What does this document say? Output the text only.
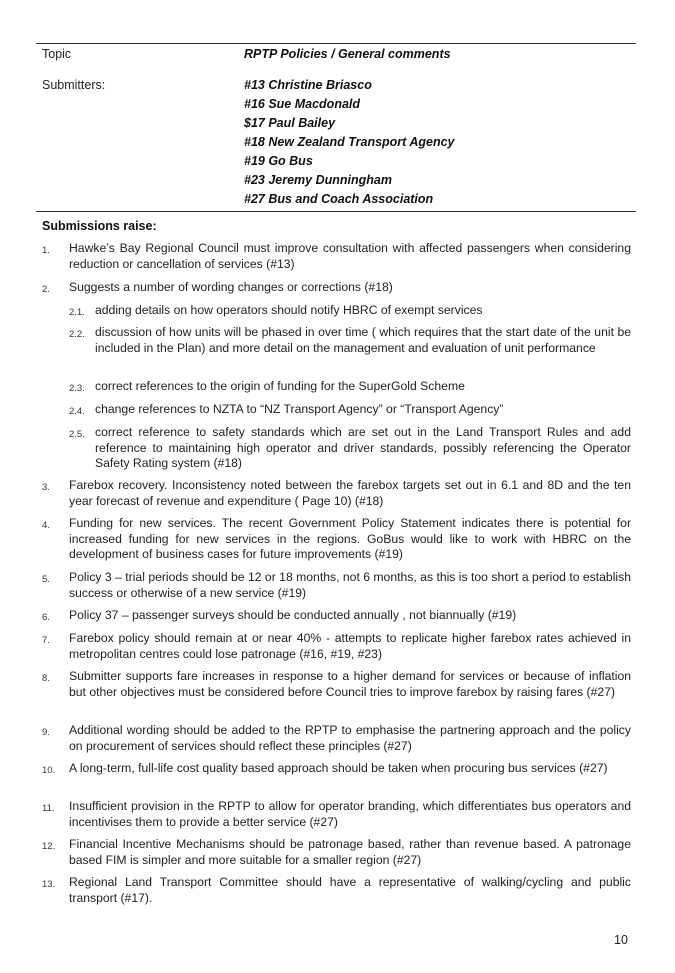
Topic	RPTP Policies / General comments
Submitters:	#13 Christine Briasco
#16 Sue Macdonald
$17 Paul Bailey
#18 New Zealand Transport Agency
#19 Go Bus
#23 Jeremy Dunningham
#27 Bus and Coach Association
Submissions raise:
1. Hawke’s Bay Regional Council must improve consultation with affected passengers when considering reduction or cancellation of services (#13)
2. Suggests a number of wording changes or corrections (#18)
2.1. adding details on how operators should notify HBRC of exempt services
2.2. discussion of how units will be phased in over time ( which requires that the start date of the unit be included in the Plan) and more detail on the management and evaluation of unit performance
2.3. correct references to the origin of funding for the SuperGold Scheme
2.4. change references to NZTA to “NZ Transport Agency” or “Transport Agency”
2.5. correct reference to safety standards which are set out in the Land Transport Rules and add reference to maintaining high operator and driver standards, possibly referencing the Operator Safety Rating system (#18)
3. Farebox recovery. Inconsistency noted between the farebox targets set out in 6.1 and 8D and the ten year forecast of revenue and expenditure ( Page 10) (#18)
4. Funding for new services. The recent Government Policy Statement indicates there is potential for increased funding for new services in the regions. GoBus would like to work with HBRC on the development of business cases for future improvements (#19)
5. Policy 3 – trial periods should be 12 or 18 months, not 6 months, as this is too short a period to establish success or otherwise of a new service (#19)
6. Policy 37 – passenger surveys should be conducted annually , not biannually (#19)
7. Farebox policy should remain at or near 40% - attempts to replicate higher farebox rates achieved in metropolitan centres could lose patronage (#16, #19, #23)
8. Submitter supports fare increases in response to a higher demand for services or because of inflation but other objectives must be considered before Council tries to improve farebox by raising fares (#27)
9. Additional wording should be added to the RPTP to emphasise the partnering approach and the policy on procurement of services should reflect these principles (#27)
10. A long-term, full-life cost quality based approach should be taken when procuring bus services (#27)
11. Insufficient provision in the RPTP to allow for operator branding, which differentiates bus operators and incentivises them to provide a better service (#27)
12. Financial Incentive Mechanisms should be patronage based, rather than revenue based. A patronage based FIM is simpler and more suitable for a smaller region (#27)
13. Regional Land Transport Committee should have a representative of walking/cycling and public transport (#17).
10
